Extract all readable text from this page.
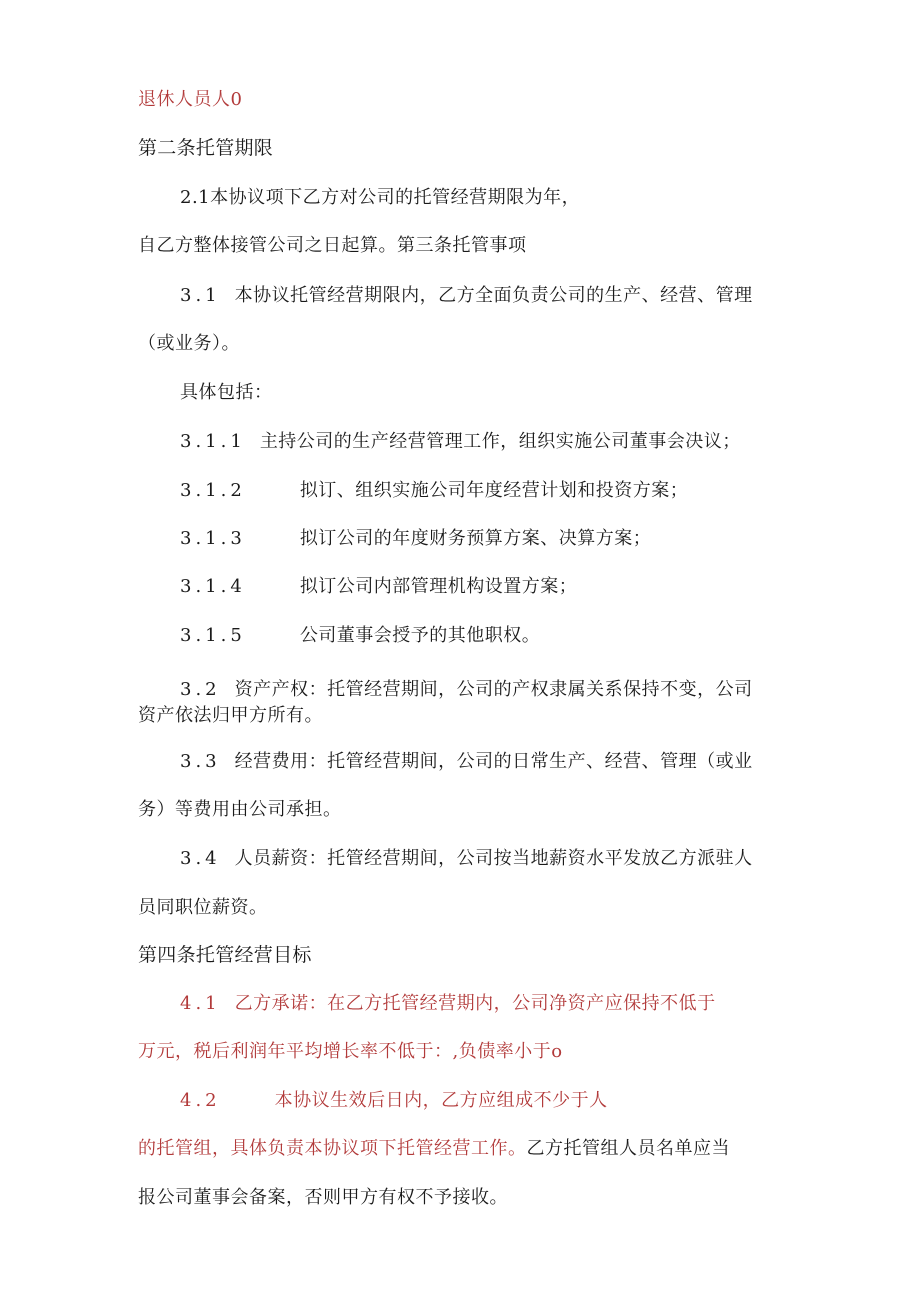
退休人员人0
第二条托管期限
2.1本协议项下乙方对公司的托管经营期限为年，
自乙方整体接管公司之日起算。第三条托管事项
3.1 本协议托管经营期限内，乙方全面负责公司的生产、经营、管理
（或业务）。
具体包括：
3.1.1 主持公司的生产经营管理工作，组织实施公司董事会决议；
3.1.2	拟订、组织实施公司年度经营计划和投资方案；
3.1.3	拟订公司的年度财务预算方案、决算方案；
3.1.4	拟订公司内部管理机构设置方案；
3.1.5	公司董事会授予的其他职权。
3.2 资产产权：托管经营期间，公司的产权隶属关系保持不变，公司
资产依法归甲方所有。
3.3 经营费用：托管经营期间，公司的日常生产、经营、管理（或业
务）等费用由公司承担。
3.4 人员薪资：托管经营期间，公司按当地薪资水平发放乙方派驻人
员同职位薪资。
第四条托管经营目标
4.1 乙方承诺：在乙方托管经营期内，公司净资产应保持不低于
万元，税后利润年平均增长率不低于：,负债率小于o
4.2	本协议生效后日内，乙方应组成不少于人
的托管组，具体负责本协议项下托管经营工作。乙方托管组人员名单应当
报公司董事会备案，否则甲方有权不予接收。
